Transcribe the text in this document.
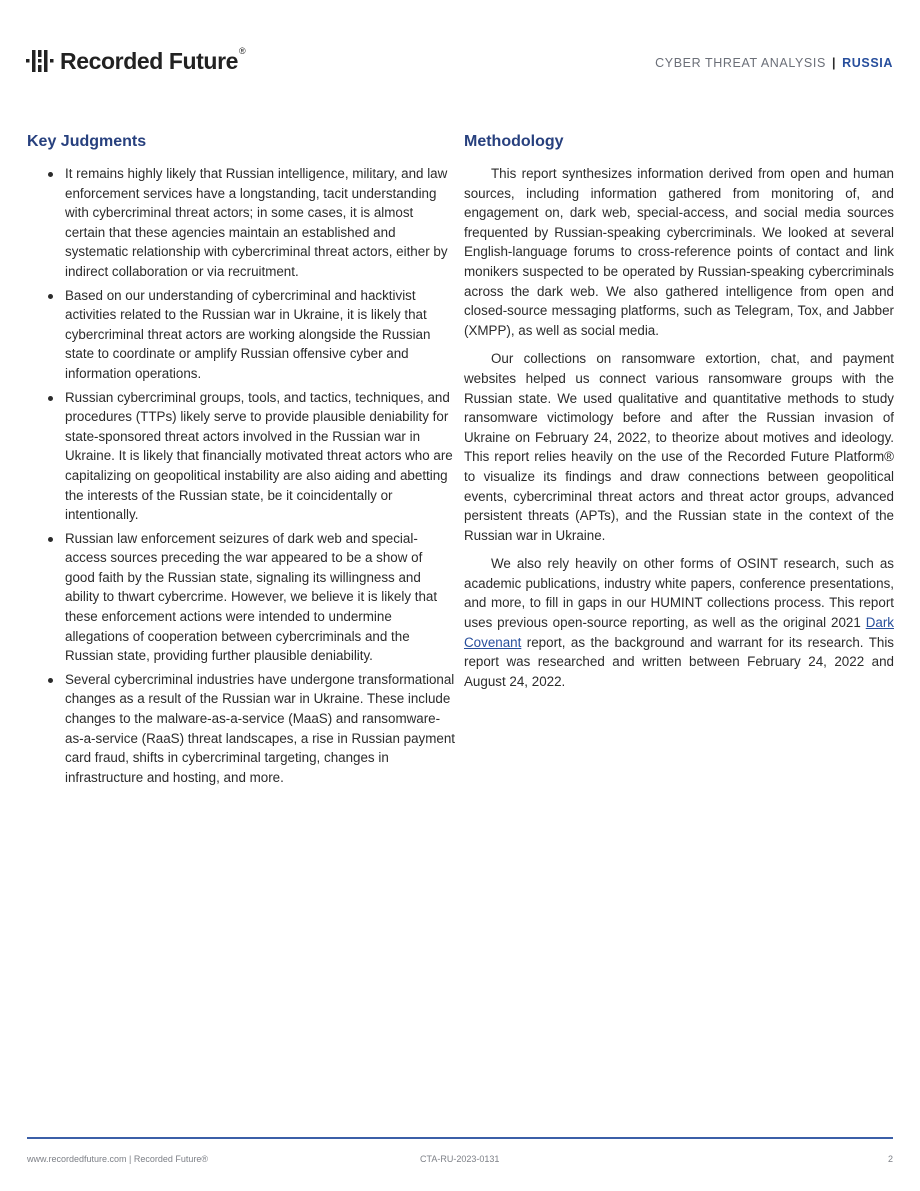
Recorded Future®
CYBER THREAT ANALYSIS | RUSSIA
Key Judgments
It remains highly likely that Russian intelligence, military, and law enforcement services have a longstanding, tacit understanding with cybercriminal threat actors; in some cases, it is almost certain that these agencies maintain an established and systematic relationship with cybercriminal threat actors, either by indirect collaboration or via recruitment.
Based on our understanding of cybercriminal and hacktivist activities related to the Russian war in Ukraine, it is likely that cybercriminal threat actors are working alongside the Russian state to coordinate or amplify Russian offensive cyber and information operations.
Russian cybercriminal groups, tools, and tactics, techniques, and procedures (TTPs) likely serve to provide plausible deniability for state-sponsored threat actors involved in the Russian war in Ukraine. It is likely that financially motivated threat actors who are capitalizing on geopolitical instability are also aiding and abetting the interests of the Russian state, be it coincidentally or intentionally.
Russian law enforcement seizures of dark web and special-access sources preceding the war appeared to be a show of good faith by the Russian state, signaling its willingness and ability to thwart cybercrime. However, we believe it is likely that these enforcement actions were intended to undermine allegations of cooperation between cybercriminals and the Russian state, providing further plausible deniability.
Several cybercriminal industries have undergone transformational changes as a result of the Russian war in Ukraine. These include changes to the malware-as-a-service (MaaS) and ransomware-as-a-service (RaaS) threat landscapes, a rise in Russian payment card fraud, shifts in cybercriminal targeting, changes in infrastructure and hosting, and more.
Methodology

This report synthesizes information derived from open and human sources, including information gathered from monitoring of, and engagement on, dark web, special-access, and social media sources frequented by Russian-speaking cybercriminals. We looked at several English-language forums to cross-reference points of contact and link monikers suspected to be operated by Russian-speaking cybercriminals across the dark web. We also gathered intelligence from open and closed-source messaging platforms, such as Telegram, Tox, and Jabber (XMPP), as well as social media.

Our collections on ransomware extortion, chat, and payment websites helped us connect various ransomware groups with the Russian state. We used qualitative and quantitative methods to study ransomware victimology before and after the Russian invasion of Ukraine on February 24, 2022, to theorize about motives and ideology. This report relies heavily on the use of the Recorded Future Platform® to visualize its findings and draw connections between geopolitical events, cybercriminal threat actors and threat actor groups, advanced persistent threats (APTs), and the Russian state in the context of the Russian war in Ukraine.

We also rely heavily on other forms of OSINT research, such as academic publications, industry white papers, conference presentations, and more, to fill in gaps in our HUMINT collections process. This report uses previous open-source reporting, as well as the original 2021 Dark Covenant report, as the background and warrant for its research. This report was researched and written between February 24, 2022 and August 24, 2022.

www.recordedfuture.com | Recorded Future®	CTA-RU-2023-0131	2
